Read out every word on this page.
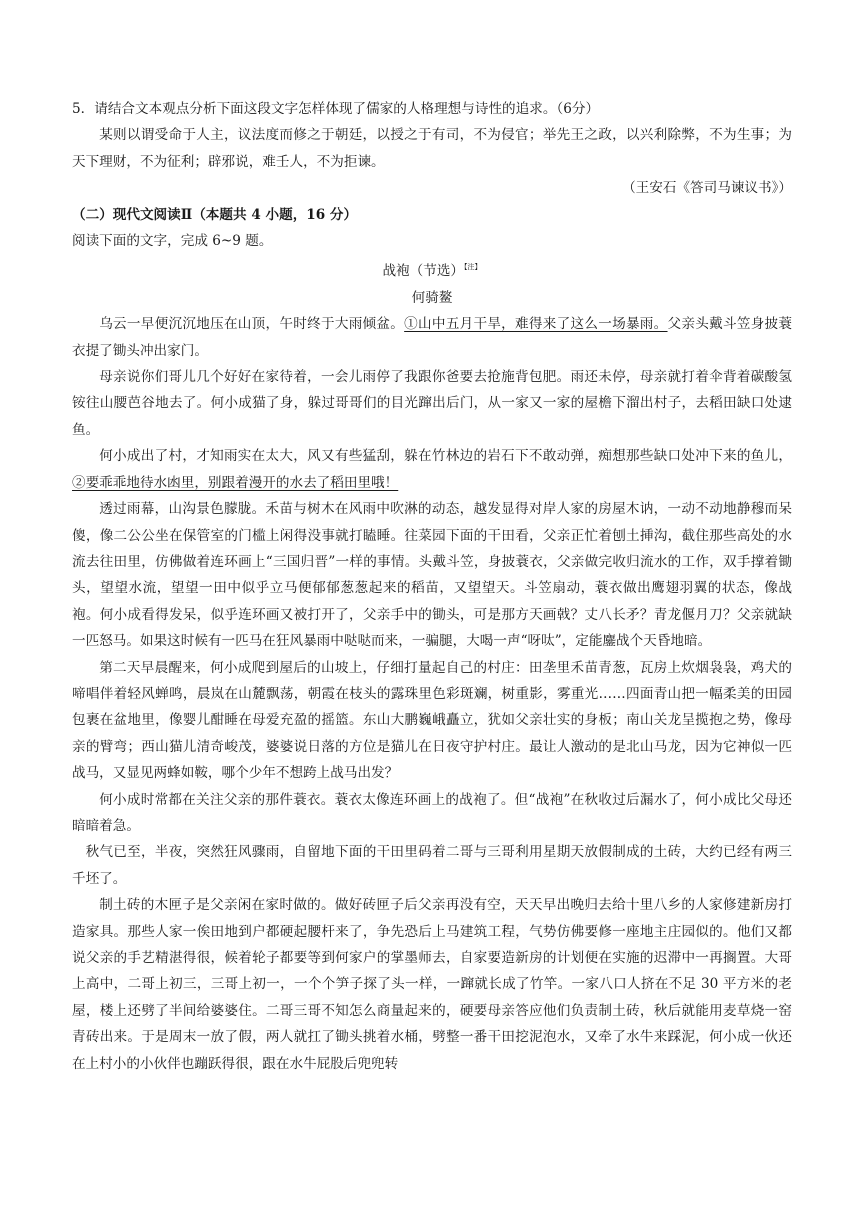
5．请结合文本观点分析下面这段文字怎样体现了儒家的人格理想与诗性的追求。（6分）

某则以谓受命于人主，议法度而修之于朝廷，以授之于有司，不为侵官；举先王之政，以兴利除弊，不为生事；为天下理财，不为征利；辟邪说，难壬人，不为拒谏。

（王安石《答司马谏议书》）

（二）现代文阅读Ⅱ（本题共 4 小题，16 分）

阅读下面的文字，完成 6~9 题。

战袍（节选）$^{【注】}$

何骑鳌

乌云一早便沉沉地压在山顶，午时终于大雨倾盆。①山中五月干旱，难得来了这么一场暴雨。父亲头戴斗笠身披蓑衣提了锄头冲出家门。

母亲说你们哥儿几个好好在家待着，一会儿雨停了我跟你爸要去抢施背包肥。雨还未停，母亲就打着伞背着碳酸氢铵往山腰芭谷地去了。何小成猫了身，躲过哥哥们的目光蹿出后门，从一家又一家的屋檐下溜出村子，去稻田缺口处逮鱼。

何小成出了村，才知雨实在太大，风又有些猛刮，躲在竹林边的岩石下不敢动弹，痴想那些缺口处冲下来的鱼儿，②要乖乖地待水凼里，别跟着漫开的水去了稻田里哦！

透过雨幕，山沟景色朦胧。禾苗与树木在风雨中吹淋的动态，越发显得对岸人家的房屋木讷，一动不动地静穆而呆傻，像二公公坐在保管室的门槛上闲得没事就打瞌睡。往菜园下面的干田看，父亲正忙着刨土挿沟，截住那些高处的水流去往田里，仿佛做着连环画上“三国归晋”一样的事情。头戴斗笠，身披蓑衣，父亲做完收归流水的工作，双手撑着锄头，望望水流，望望一田中似乎立马便郁郁葱葱起来的稻苗，又望望天。斗笠扇动，蓑衣做出鹰翅羽翼的状态，像战袍。何小成看得发呆，似乎连环画又被打开了，父亲手中的锄头，可是那方天画戟？丈八长矛？青龙偃月刀？父亲就缺一匹怒马。如果这时候有一匹马在狂风暴雨中哒哒而来，一骗腿，大喝一声“呀呔”，定能鏖战个天昏地暗。

第二天早晨醒来，何小成爬到屋后的山坡上，仔细打量起自己的村庄：田垄里禾苗青葱，瓦房上炊烟袅袅，鸡犬的啼唱伴着轻风蝉鸣，晨岚在山麓飘荡，朝霞在枝头的露珠里色彩斑斓，树重影，雾重光……四面青山把一幅柔美的田园包裹在盆地里，像婴儿酣睡在母爱充盈的摇篮。东山大鹏巍峨矗立，犹如父亲壮实的身板；南山关龙呈揽抱之势，像母亲的臂弯；西山猫儿清奇峻茂，婆婆说日落的方位是猫儿在日夜守护村庄。最让人激动的是北山马龙，因为它神似一匹战马，又显见两蜂如鞍，哪个少年不想跨上战马出发？

何小成时常都在关注父亲的那件蓑衣。蓑衣太像连环画上的战袍了。但“战袍”在秋收过后漏水了，何小成比父母还暗暗着急。

秋气已至，半夜，突然狂风骤雨，自留地下面的干田里码着二哥与三哥利用星期天放假制成的土砖，大约已经有两三千坯了。

制土砖的木匣子是父亲闲在家时做的。做好砖匣子后父亲再没有空，天天早出晚归去给十里八乡的人家修建新房打造家具。那些人家一俟田地到户都硬起腰杆来了，争先恐后上马建筑工程，气势仿佛要修一座地主庄园似的。他们又都说父亲的手艺精湛得很，候着轮子都要等到何家户的掌墨师去，自家要造新房的计划便在实施的迟滞中一再搁置。大哥上高中，二哥上初三，三哥上初一，一个个笋子探了头一样，一蹿就长成了竹竿。一家八口人挤在不足 30 平方米的老屋，楼上还劈了半间给婆婆住。二哥三哥不知怎么商量起来的，硬要母亲答应他们负责制土砖，秋后就能用麦草烧一窑青砖出来。于是周末一放了假，两人就扛了锄头挑着水桶，劈整一番干田挖泥泡水，又牵了水牛来踩泥，何小成一伙还在上村小的小伙伴也蹦跃得很，跟在水牛屁股后兜兜转
